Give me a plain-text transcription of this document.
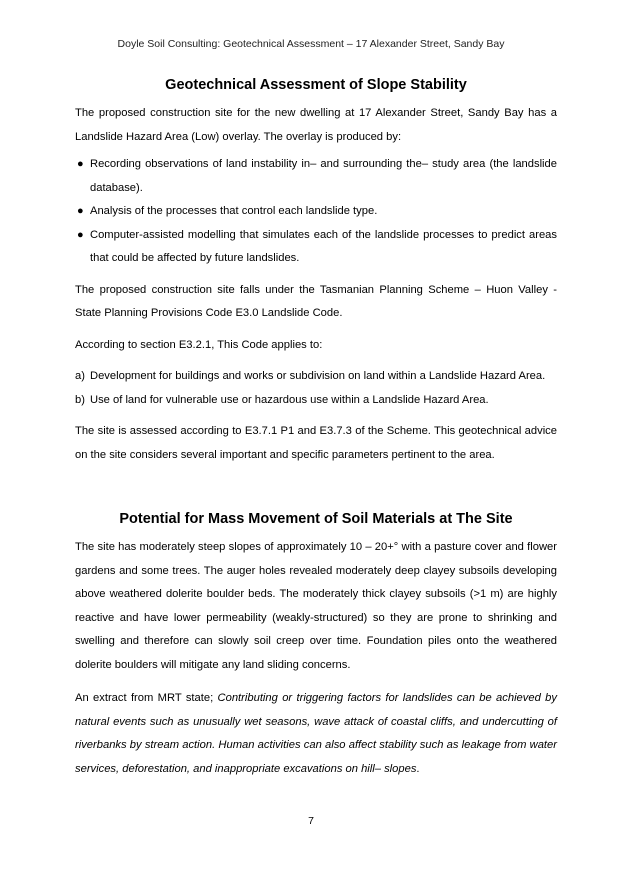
Doyle Soil Consulting: Geotechnical Assessment – 17 Alexander Street, Sandy Bay
Geotechnical Assessment of Slope Stability

The proposed construction site for the new dwelling at 17 Alexander Street, Sandy Bay has a Landslide Hazard Area (Low) overlay. The overlay is produced by:

● Recording observations of land instability in– and surrounding the– study area (the landslide database).
● Analysis of the processes that control each landslide type.
● Computer-assisted modelling that simulates each of the landslide processes to predict areas that could be affected by future landslides.

The proposed construction site falls under the Tasmanian Planning Scheme – Huon Valley - State Planning Provisions Code E3.0 Landslide Code.

According to section E3.2.1, This Code applies to:

a) Development for buildings and works or subdivision on land within a Landslide Hazard Area.
b) Use of land for vulnerable use or hazardous use within a Landslide Hazard Area.

The site is assessed according to E3.7.1 P1 and E3.7.3 of the Scheme. This geotechnical advice on the site considers several important and specific parameters pertinent to the area.

Potential for Mass Movement of Soil Materials at The Site

The site has moderately steep slopes of approximately 10 – 20+° with a pasture cover and flower gardens and some trees. The auger holes revealed moderately deep clayey subsoils developing above weathered dolerite boulder beds. The moderately thick clayey subsoils (>1 m) are highly reactive and have lower permeability (weakly-structured) so they are prone to shrinking and swelling and therefore can slowly soil creep over time. Foundation piles onto the weathered dolerite boulders will mitigate any land sliding concerns.

An extract from MRT state; Contributing or triggering factors for landslides can be achieved by natural events such as unusually wet seasons, wave attack of coastal cliffs, and undercutting of riverbanks by stream action. Human activities can also affect stability such as leakage from water services, deforestation, and inappropriate excavations on hill– slopes.

7
